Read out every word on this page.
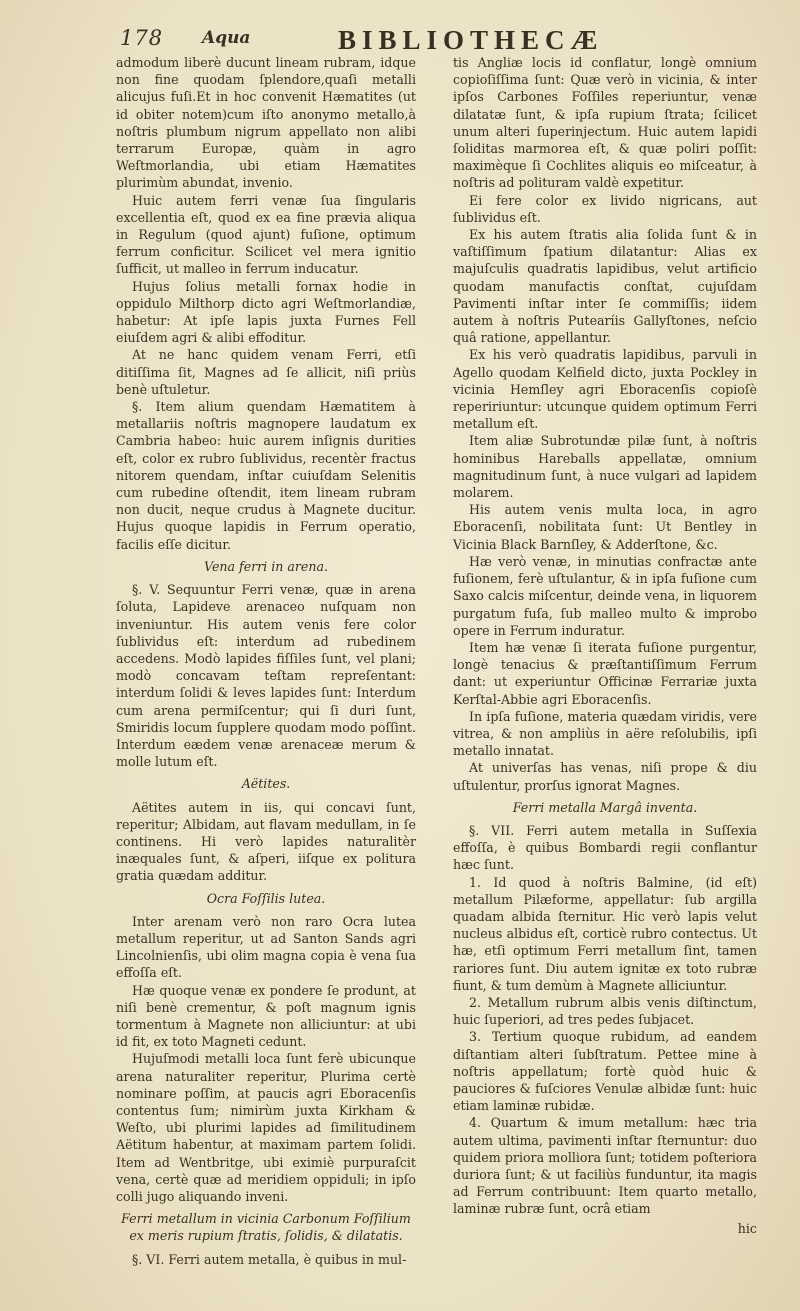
178 Aqua	BIBLIOTHECÆ

admodum liberè ducunt lineam rubram, idque non fine quodam ſplendore,quaſi metalli alicujus fuſi.Et in hoc convenit Hæmatites (ut id obiter notem)cum iſto anonymo metallo,à noſtris plumbum nigrum appellato non alibi terrarum Europæ, quàm in agro Weſtmorlandia, ubi etiam Hæmatites plurimùm abundat, invenio.

Huic autem ferri venæ ſua ſingularis excellentia eſt, quod ex ea fine prævia aliqua in Regulum (quod ajunt) fuſione, optimum ferrum conficitur. Scilicet vel mera ignitio ſufficit, ut malleo in ferrum inducatur.

Hujus ſolius metalli fornax hodie in oppidulo Milthorp dicto agri Weſtmorlandiæ, habetur: At ipſe lapis juxta Furnes Fell eiuſdem agri & alibi effoditur.

At ne hanc quidem venam Ferri, etſi ditiſſima ſit, Magnes ad ſe allicit, niſi priùs benè uſtuletur.

§. Item alium quendam Hæmatitem à metallariis noſtris magnopere laudatum ex Cambria habeo: huic aurem inſignis durities eſt, color ex rubro ſublividus, recentèr fractus nitorem quendam, inſtar cuiuſdam Selenitis cum rubedine oſtendit, item lineam rubram non ducit, neque crudus à Magnete ducitur. Hujus quoque lapidis in Ferrum operatio, facilis eſſe dicitur.

Vena ferri in arena.

§. V. Sequuntur Ferri venæ, quæ in arena ſoluta, Lapideve arenaceo nuſquam non inveniuntur. His autem venis fere color ſublividus eſt: interdum ad rubedinem accedens. Modò lapides fiſſiles ſunt, vel plani; modò concavam teſtam repreſentant: interdum ſolidi & leves lapides ſunt: Interdum cum arena permiſcentur; qui ſi duri ſunt, Smiridis locum ſupplere quodam modo poſſint. Interdum eædem venæ arenaceæ merum & molle lutum eſt.

Aëtites.

Aëtites autem in iis, qui concavi ſunt, reperitur; Albidam, aut flavam medullam, in ſe continens. Hi verò lapides naturalitèr inæquales ſunt, & aſperi, iiſque ex politura gratia quædam additur.

Ocra Foſſilis lutea.

Inter arenam verò non raro Ocra lutea metallum reperitur, ut ad Santon Sands agri Lincolnienſis, ubi olim magna copia è vena ſua effoſſa eſt.

Hæ quoque venæ ex pondere ſe produnt, at niſi benè crementur, & poſt magnum ignis tormentum à Magnete non alliciuntur: at ubi id fit, ex toto Magneti cedunt.

Hujuſmodi metalli loca ſunt ferè ubicunque arena naturaliter reperitur, Plurima certè nominare poſſim, at paucis agri Eboracenſis contentus ſum; nimirùm juxta Kirkham & Weſto, ubi plurimi lapides ad ſimilitudinem Aëtitum habentur, at maximam partem ſolidi. Item ad Wentbritge, ubi eximiè purpuraſcit vena, certè quæ ad meridiem oppiduli; in ipſo colli jugo aliquando inveni.

Ferri metallum in vicinia Carbonum Foſſilium ex meris rupium ſtratis, ſolidis, & dilatatis.

§. VI. Ferri autem metalla, è quibus in mul-

tis Angliæ locis id conflatur, longè omnium copioſiſſima ſunt: Quæ verò in vicinia, & inter ipſos Carbones Foſſiles reperiuntur, venæ dilatatæ ſunt, & ipſa rupium ſtrata; ſcilicet unum alteri ſuperinjectum. Huic autem lapidi ſoliditas marmorea eſt, & quæ poliri poſſit: maximèque ſi Cochlites aliquis eo miſceatur, à noſtris ad polituram valdè expetitur.

Ei fere color ex livido nigricans, aut ſublividus eſt.

Ex his autem ſtratis alia ſolida ſunt & in vaſtiſſimum ſpatium dilatantur: Alias ex majuſculis quadratis lapidibus, velut artificio quodam manufactis conſtat, cujuſdam Pavimenti inſtar inter ſe commiſſis; iidem autem à noſtris Putearíis Gallyſtones, neſcio quâ ratione, appellantur.

Ex his verò quadratis lapidibus, parvuli in Agello quodam Kelfield dicto, juxta Pockley in vicinia Hemſley agri Eboracenſis copioſè repeririuntur: utcunque quidem optimum Ferri metallum eſt.

Item aliæ Subrotundæ pilæ ſunt, à noſtris hominibus Hareballs appellatæ, omnium magnitudinum ſunt, à nuce vulgari ad lapidem molarem.

His autem venis multa loca, in agro Eboracenſi, nobilitata ſunt: Ut Bentley in Vicinia Black Barnſley, & Adderſtone, &c.

Hæ verò venæ, in minutias confractæ ante fuſionem, ferè uſtulantur, & in ipſa fuſione cum Saxo calcis miſcentur, deinde vena, in liquorem purgatum fuſa, ſub malleo multo & improbo opere in Ferrum induratur.

Item hæ venæ ſi iterata fuſione purgentur, longè tenacius & præſtantiſſimum Ferrum dant: ut experiuntur Officinæ Ferrariæ juxta Kerſtal-Abbie agri Eboracenſis.

In ipſa fuſione, materia quædam viridis, vere vitrea, & non ampliùs in aëre reſolubilis, ipſi metallo innatat.

At univerſas has venas, niſi prope & diu uſtulentur, prorſus ignorat Magnes.

Ferri metalla Margâ inventa.

§. VII. Ferri autem metalla in Suſſexia effoſſa, è quibus Bombardi regii conflantur hæc ſunt.

1. Id quod à noſtris Balmine, (id eſt) metallum Pilæforme, appellatur: ſub argilla quadam albida ſternitur. Hic verò lapis velut nucleus albidus eſt, corticè rubro contectus. Ut hæ, etſi optimum Ferri metallum ſint, tamen rariores ſunt. Diu autem ignitæ ex toto rubræ fiunt, & tum demùm à Magnete alliciuntur.

2. Metallum rubrum albis venis diſtinctum, huic ſuperiori, ad tres pedes ſubjacet.

3. Tertium quoque rubidum, ad eandem diſtantiam alteri ſubſtratum. Pettee mine à noſtris appellatum; fortè quòd huic & pauciores & fuſciores Venulæ albidæ ſunt: huic etiam laminæ rubidæ.

4. Quartum & imum metallum: hæc tria autem ultima, pavimenti inſtar ſternuntur: duo quidem priora molliora ſunt; totidem poſteriora duriora ſunt; & ut faciliùs funduntur, ita magis ad Ferrum contribuunt: Item quarto metallo, laminæ rubræ ſunt, ocrâ etiam

hic
